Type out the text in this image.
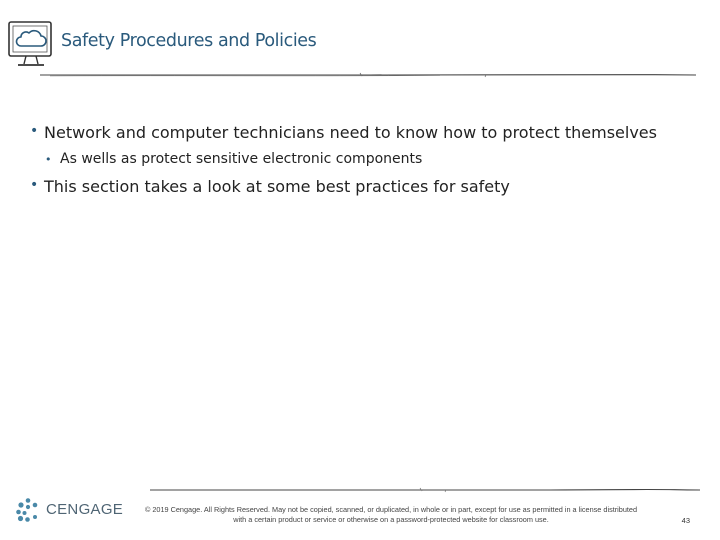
Safety Procedures and Policies
• Network and computer technicians need to know how to protect themselves
• As wells as protect sensitive electronic components
• This section takes a look at some best practices for safety
CENGAGE	© 2019 Cengage. All Rights Reserved. May not be copied, scanned, or duplicated, in whole or in part, except for use as permitted in a license distributed with a certain product or service or otherwise on a password-protected website for classroom use.	43
